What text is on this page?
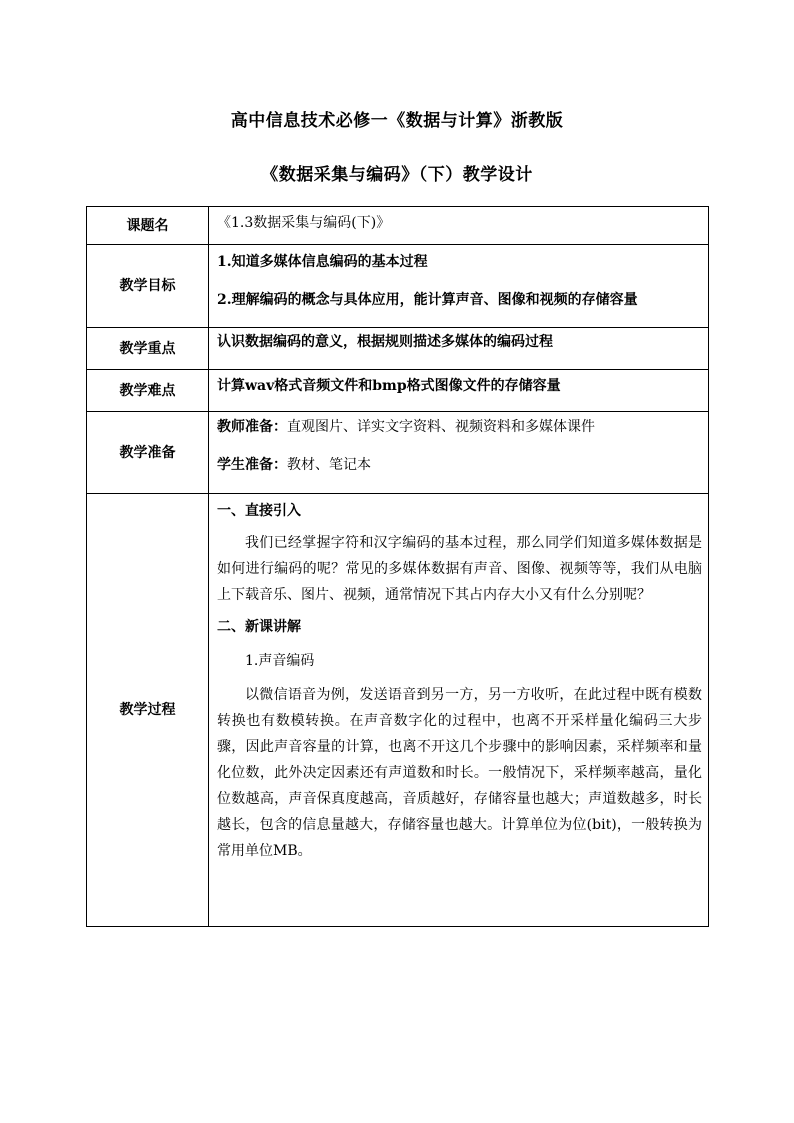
高中信息技术必修一《数据与计算》浙教版
《数据采集与编码》（下）教学设计
课题名	《1.3数据采集与编码(下)》
教学目标	1.知道多媒体信息编码的基本过程
2.理解编码的概念与具体应用，能计算声音、图像和视频的存储容量

教学重点	认识数据编码的意义，根据规则描述多媒体的编码过程
教学难点	计算wav格式音频文件和bmp格式图像文件的存储容量
教学准备	教师准备：直观图片、详实文字资料、视频资料和多媒体课件
学生准备：教材、笔记本

教学过程	一、直接引入

我们已经掌握字符和汉字编码的基本过程，那么同学们知道多媒体数据是如何进行编码的呢？常见的多媒体数据有声音、图像、视频等等，我们从电脑上下载音乐、图片、视频，通常情况下其占内存大小又有什么分别呢？

二、新课讲解

1.声音编码

以微信语音为例，发送语音到另一方，另一方收听，在此过程中既有模数转换也有数模转换。在声音数字化的过程中，也离不开采样量化编码三大步骤，因此声音容量的计算，也离不开这几个步骤中的影响因素，采样频率和量化位数，此外决定因素还有声道数和时长。一般情况下，采样频率越高，量化位数越高，声音保真度越高，音质越好，存储容量也越大；声道数越多，时长越长，包含的信息量越大，存储容量也越大。计算单位为位(bit)，一般转换为常用单位MB。
